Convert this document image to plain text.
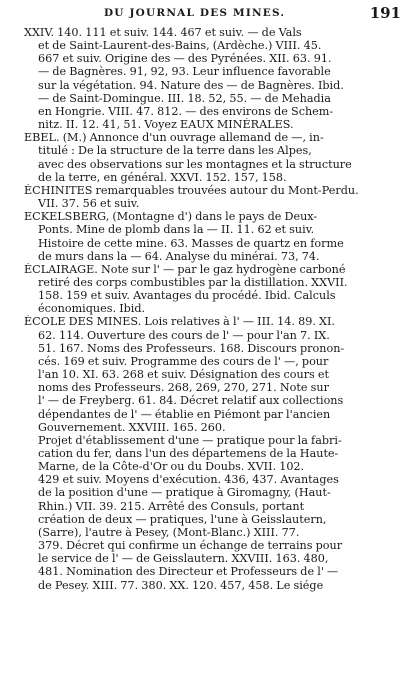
DU JOURNAL DES MINES.	191
XXIV. 140. 111 et suiv. 144. 467 et suiv. — de Vals
et de Saint-Laurent-des-Bains, (Ardèche.) VIII. 45.
667 et suiv. Origine des — des Pyrénées. XII. 63. 91.
— de Bagnères. 91, 92, 93. Leur influence favorable
sur la végétation. 94. Nature des — de Bagnères. Ibid.
— de Saint-Domingue. III. 18. 52, 55. — de Mehadia
en Hongrie. VIII. 47. 812. — des environs de Schem-
nitz. II. 12. 41, 51. Voyez EAUX MINÉRALES.
EBEL. (M.) Annonce d'un ouvrage allemand de —, in-
titulé : De la structure de la terre dans les Alpes,
avec des observations sur les montagnes et la structure
de la terre, en général. XXVI. 152. 157, 158.
ÉCHINITES remarquables trouvées autour du Mont-Perdu.
VII. 37. 56 et suiv.
ECKELSBERG, (Montagne d') dans le pays de Deux-
Ponts. Mine de plomb dans la — II. 11. 62 et suiv.
Histoire de cette mine. 63. Masses de quartz en forme
de murs dans la — 64. Analyse du minérai. 73, 74.
ÉCLAIRAGE. Note sur l' — par le gaz hydrogène carboné
retiré des corps combustibles par la distillation. XXVII.
158. 159 et suiv. Avantages du procédé. Ibid. Calculs
économiques. Ibid.
ÉCOLE DES MINES. Lois relatives à l' — III. 14. 89. XI.
62. 114. Ouverture des cours de l' — pour l'an 7. IX.
51. 167. Noms des Professeurs. 168. Discours pronon-
cés. 169 et suiv. Programme des cours de l' —, pour
l'an 10. XI. 63. 268 et suiv. Désignation des cours et
noms des Professeurs. 268, 269, 270, 271. Note sur
l' — de Freyberg. 61. 84. Décret relatif aux collections
dépendantes de l' — établie en Piémont par l'ancien
Gouvernement. XXVIII. 165. 260.
Projet d'établissement d'une — pratique pour la fabri-
cation du fer, dans l'un des départemens de la Haute-
Marne, de la Côte-d'Or ou du Doubs. XVII. 102.
429 et suiv. Moyens d'exécution. 436, 437. Avantages
de la position d'une — pratique à Giromagny, (Haut-
Rhin.) VII. 39. 215. Arrêté des Consuls, portant
création de deux — pratiques, l'une à Geisslautern,
(Sarre), l'autre à Pesey, (Mont-Blanc.) XIII. 77.
379. Décret qui confirme un échange de terrains pour
le service de l' — de Geisslautern. XXVIII. 163. 480,
481. Nomination des Directeur et Professeurs de l' —
de Pesey. XIII. 77. 380. XX. 120. 457, 458. Le siége
